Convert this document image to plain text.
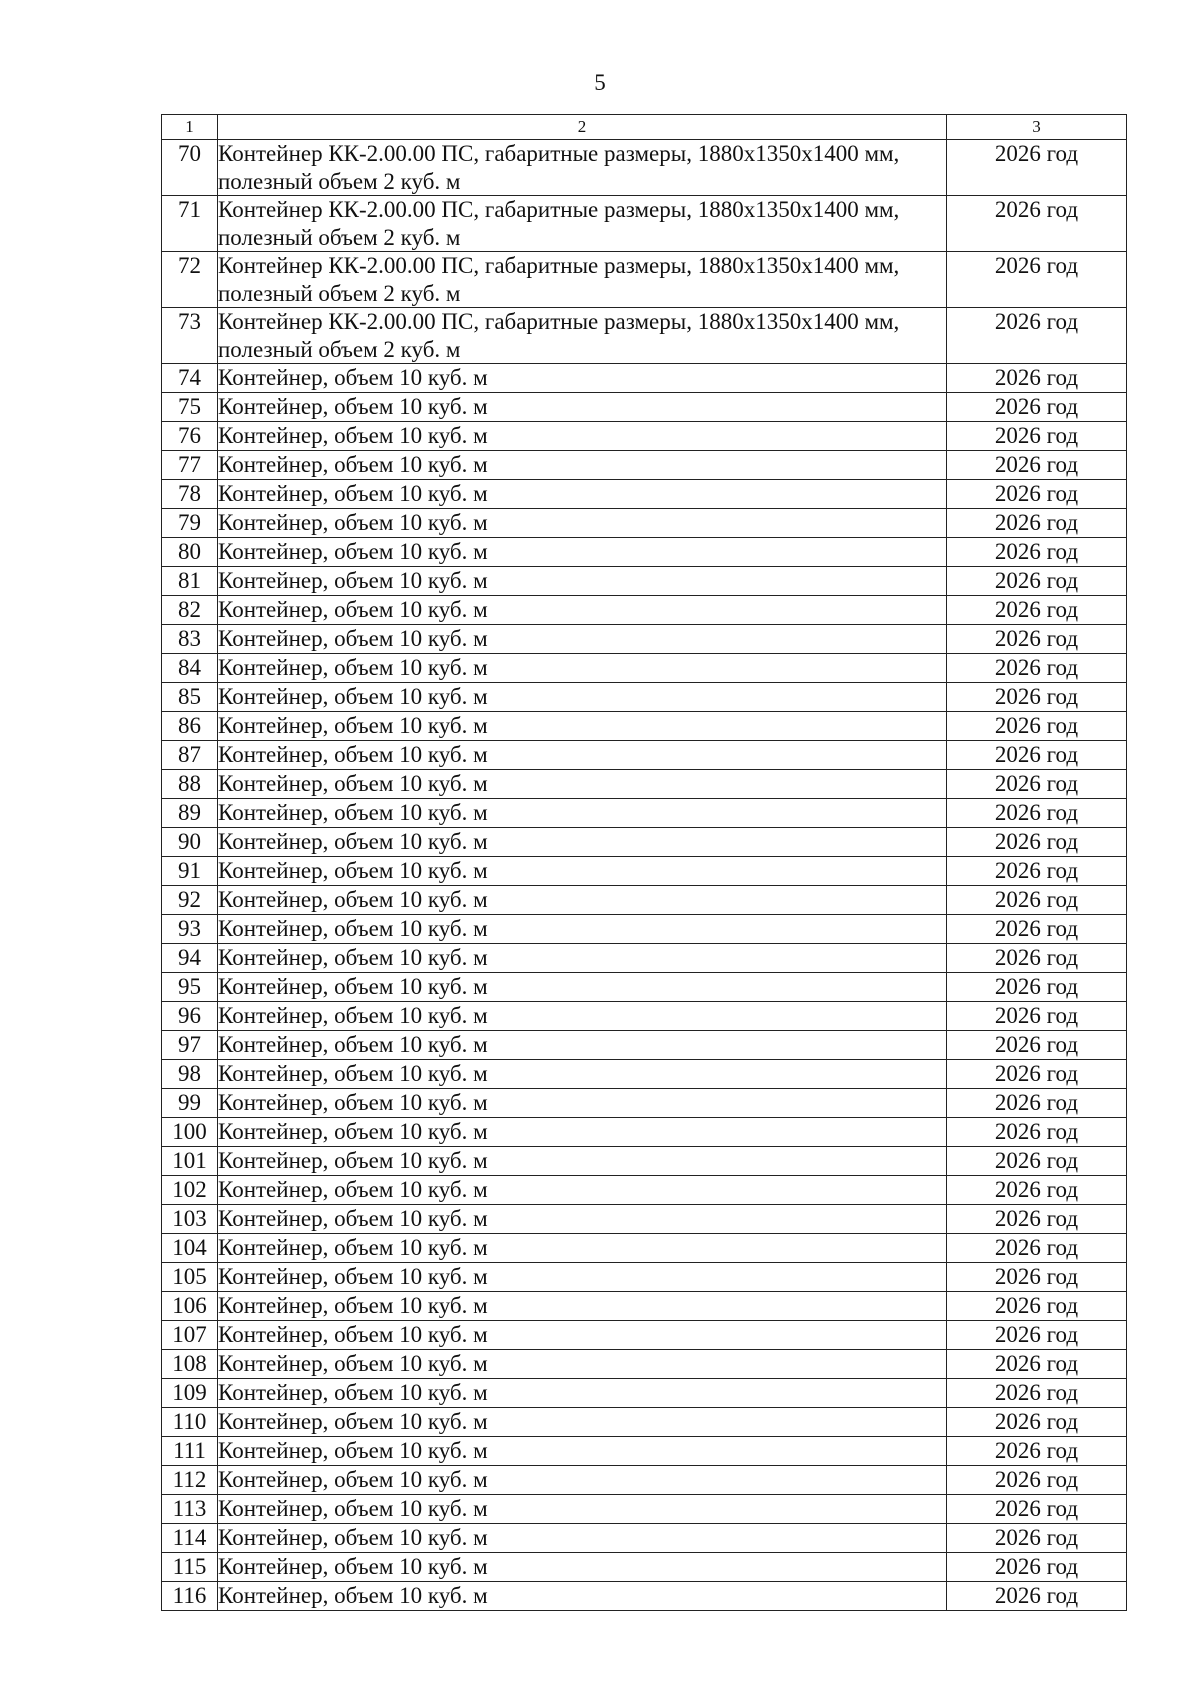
5
1	2	3
70	Контейнер КК-2.00.00 ПС, габаритные размеры, 1880х1350х1400 мм, полезный объем 2 куб. м	2026 год
71	Контейнер КК-2.00.00 ПС, габаритные размеры, 1880х1350х1400 мм, полезный объем 2 куб. м	2026 год
72	Контейнер КК-2.00.00 ПС, габаритные размеры, 1880х1350х1400 мм, полезный объем 2 куб. м	2026 год
73	Контейнер КК-2.00.00 ПС, габаритные размеры, 1880х1350х1400 мм, полезный объем 2 куб. м	2026 год
74	Контейнер, объем 10 куб. м	2026 год
75	Контейнер, объем 10 куб. м	2026 год
76	Контейнер, объем 10 куб. м	2026 год
77	Контейнер, объем 10 куб. м	2026 год
78	Контейнер, объем 10 куб. м	2026 год
79	Контейнер, объем 10 куб. м	2026 год
80	Контейнер, объем 10 куб. м	2026 год
81	Контейнер, объем 10 куб. м	2026 год
82	Контейнер, объем 10 куб. м	2026 год
83	Контейнер, объем 10 куб. м	2026 год
84	Контейнер, объем 10 куб. м	2026 год
85	Контейнер, объем 10 куб. м	2026 год
86	Контейнер, объем 10 куб. м	2026 год
87	Контейнер, объем 10 куб. м	2026 год
88	Контейнер, объем 10 куб. м	2026 год
89	Контейнер, объем 10 куб. м	2026 год
90	Контейнер, объем 10 куб. м	2026 год
91	Контейнер, объем 10 куб. м	2026 год
92	Контейнер, объем 10 куб. м	2026 год
93	Контейнер, объем 10 куб. м	2026 год
94	Контейнер, объем 10 куб. м	2026 год
95	Контейнер, объем 10 куб. м	2026 год
96	Контейнер, объем 10 куб. м	2026 год
97	Контейнер, объем 10 куб. м	2026 год
98	Контейнер, объем 10 куб. м	2026 год
99	Контейнер, объем 10 куб. м	2026 год
100	Контейнер, объем 10 куб. м	2026 год
101	Контейнер, объем 10 куб. м	2026 год
102	Контейнер, объем 10 куб. м	2026 год
103	Контейнер, объем 10 куб. м	2026 год
104	Контейнер, объем 10 куб. м	2026 год
105	Контейнер, объем 10 куб. м	2026 год
106	Контейнер, объем 10 куб. м	2026 год
107	Контейнер, объем 10 куб. м	2026 год
108	Контейнер, объем 10 куб. м	2026 год
109	Контейнер, объем 10 куб. м	2026 год
110	Контейнер, объем 10 куб. м	2026 год
111	Контейнер, объем 10 куб. м	2026 год
112	Контейнер, объем 10 куб. м	2026 год
113	Контейнер, объем 10 куб. м	2026 год
114	Контейнер, объем 10 куб. м	2026 год
115	Контейнер, объем 10 куб. м	2026 год
116	Контейнер, объем 10 куб. м	2026 год
